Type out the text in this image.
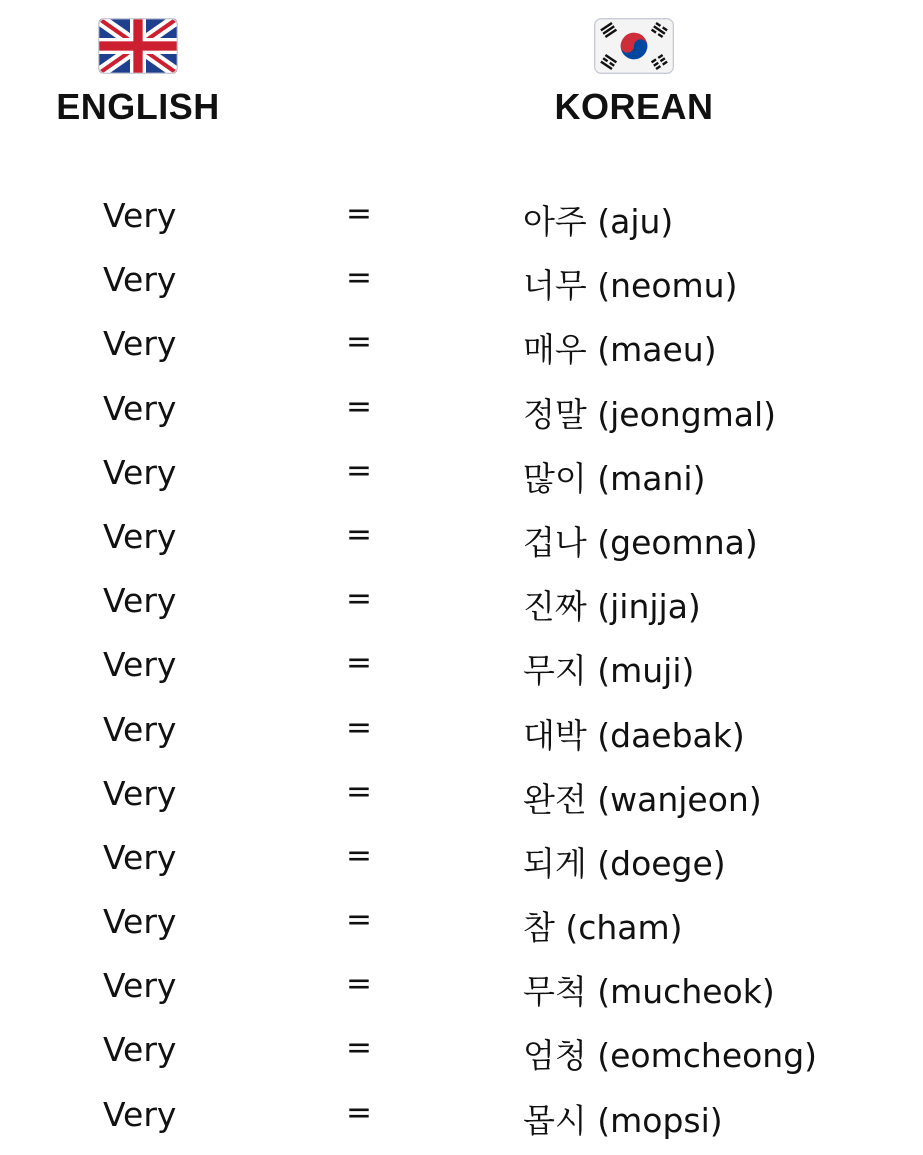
ENGLISH	KOREAN
Very	=	아주 (aju)
Very	=	너무 (neomu)
Very	=	매우 (maeu)
Very	=	정말 (jeongmal)
Very	=	많이 (mani)
Very	=	겁나 (geomna)
Very	=	진짜 (jinjja)
Very	=	무지 (muji)
Very	=	대박 (daebak)
Very	=	완전 (wanjeon)
Very	=	되게 (doege)
Very	=	참 (cham)
Very	=	무척 (mucheok)
Very	=	엄청 (eomcheong)
Very	=	몹시 (mopsi)
